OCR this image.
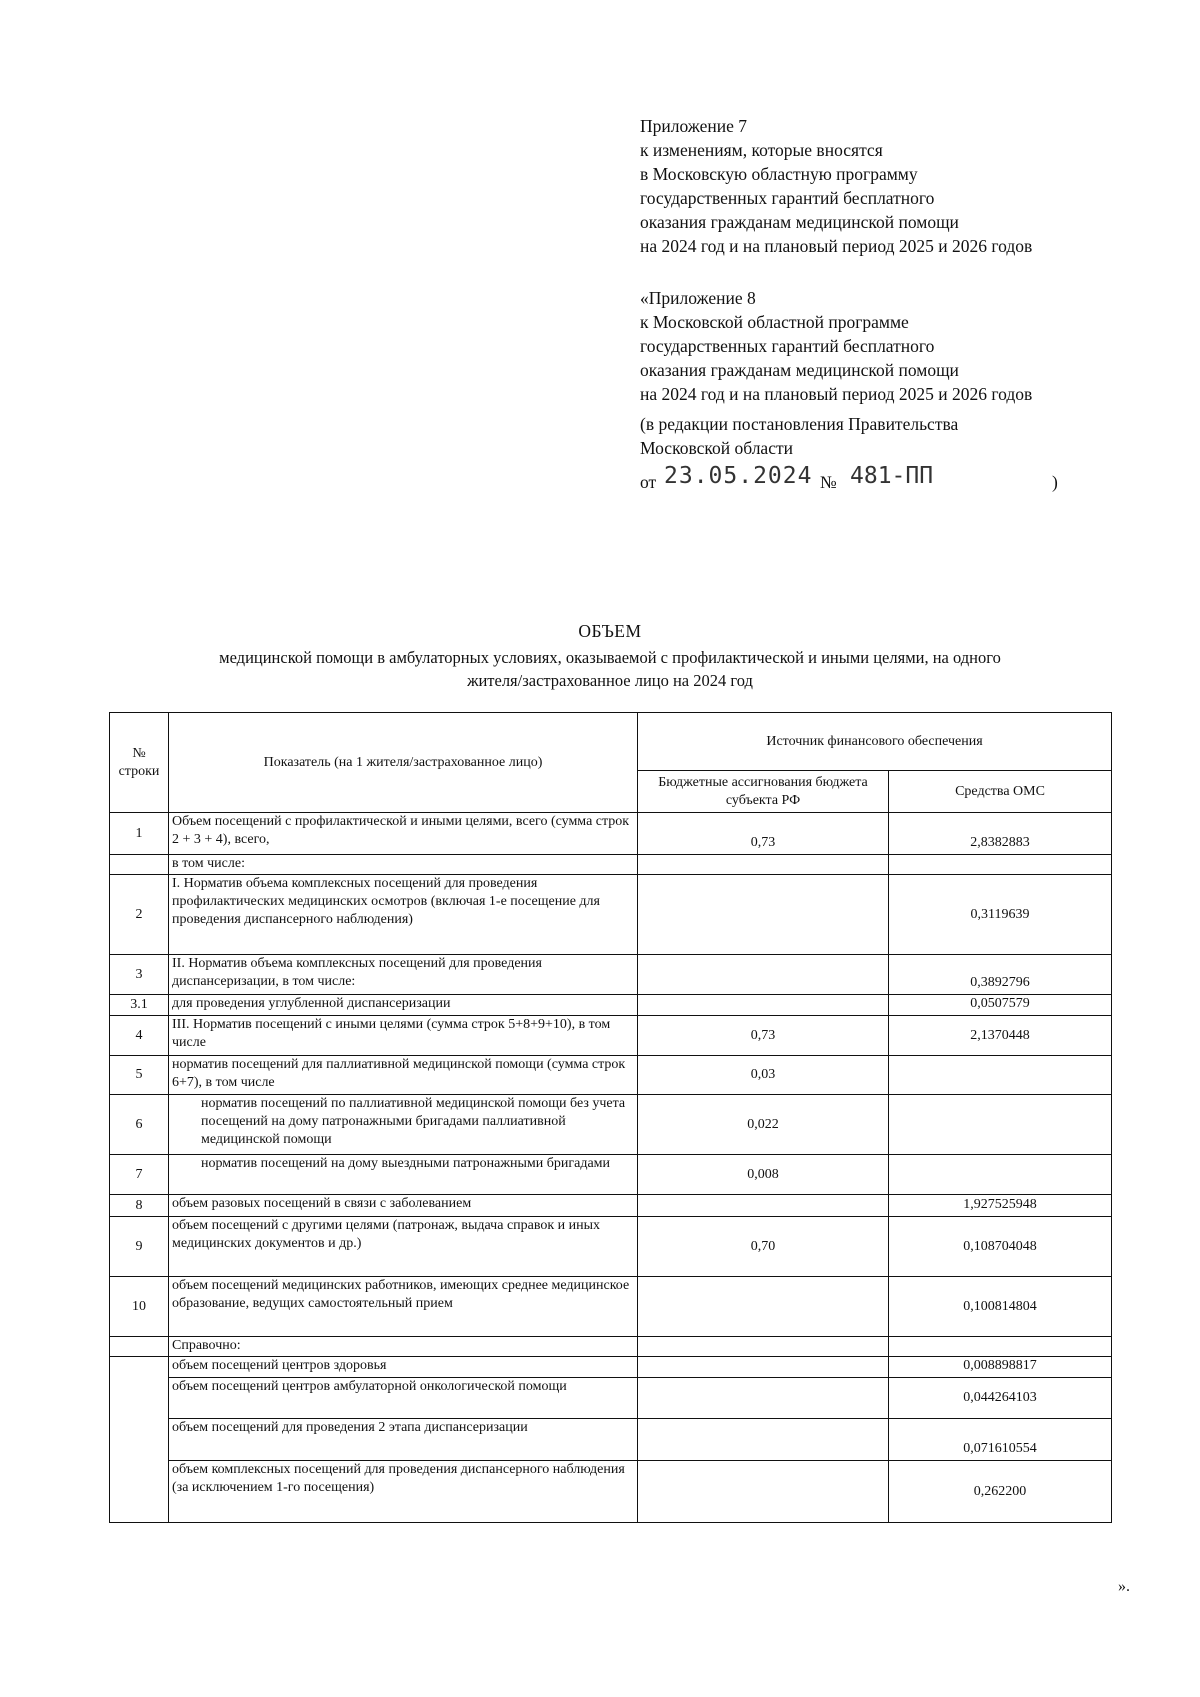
Приложение 7
к изменениям, которые вносятся
в Московскую областную программу
государственных гарантий бесплатного
оказания гражданам медицинской помощи
на 2024 год и на плановый период 2025 и 2026 годов
«Приложение 8
к Московской областной программе
государственных гарантий бесплатного
оказания гражданам медицинской помощи
на 2024 год и на плановый период 2025 и 2026 годов
(в редакции постановления Правительства
Московской области
от 23.05.2024 № 481-ПП	)
ОБЪЕМ
медицинской помощи в амбулаторных условиях, оказываемой с профилактической и иными целями, на одного
жителя/застрахованное лицо на 2024 год
№ строки	Показатель (на 1 жителя/застрахованное лицо)	Источник финансового обеспечения	
		Бюджетные ассигнования бюджета субъекта РФ	Средства ОМС
1	Объем посещений с профилактической и иными целями, всего (сумма строк 2 + 3 + 4), всего,	0,73	2,8382883
	в том числе:		
2	I. Норматив объема комплексных посещений для проведения профилактических медицинских осмотров (включая 1-е посещение для проведения диспансерного наблюдения)		0,3119639
3	II. Норматив объема комплексных посещений для проведения диспансеризации, в том числе:		0,3892796
3.1	для проведения углубленной диспансеризации		0,0507579
4	III. Норматив посещений с иными целями (сумма строк 5+8+9+10), в том числе	0,73	2,1370448
5	норматив посещений для паллиативной медицинской помощи (сумма строк 6+7), в том числе	0,03	
6	норматив посещений по паллиативной медицинской помощи без учета посещений на дому патронажными бригадами паллиативной медицинской помощи	0,022	
7	норматив посещений на дому выездными патронажными бригадами	0,008	
8	объем разовых посещений в связи с заболеванием		1,927525948
9	объем посещений с другими целями (патронаж, выдача справок и иных медицинских документов и др.)	0,70	0,108704048
10	объем посещений медицинских работников, имеющих среднее медицинское образование, ведущих самостоятельный прием		0,100814804
	Справочно:		
	объем посещений центров здоровья		0,008898817
	объем посещений центров амбулаторной онкологической помощи		0,044264103
	объем посещений для проведения 2 этапа диспансеризации		0,071610554
	объем комплексных посещений для проведения диспансерного наблюдения (за исключением 1-го посещения)		0,262200
».
